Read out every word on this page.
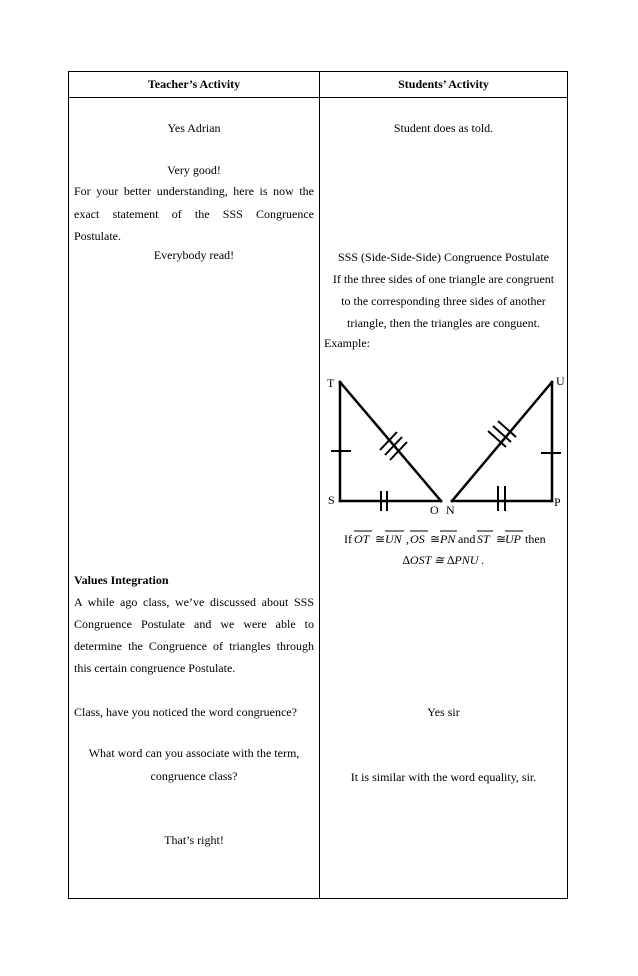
Teacher’s Activity	Students’ Activity
Yes Adrian
Very good!
For your better understanding, here is now the
exact statement of the SSS Congruence
Postulate.
Everybody read!
Values Integration
A while ago class, we’ve discussed about SSS
Congruence Postulate and we were able to
determine the Congruence of triangles through
this certain congruence Postulate.
Class, have you noticed the word congruence?
What word can you associate with the term,
congruence class?
That’s right!
Student does as told.
SSS (Side-Side-Side) Congruence Postulate
If the three sides of one triangle are congruent
to the corresponding three sides of another
triangle, then the triangles are conguent.
Example:
T	U
S
O N
P
If OT ≅ UN , OS ≅ PN and ST ≅
UP then
∆OST ≅ ∆PNU .
Yes sir
It is similar with the word equality, sir.
